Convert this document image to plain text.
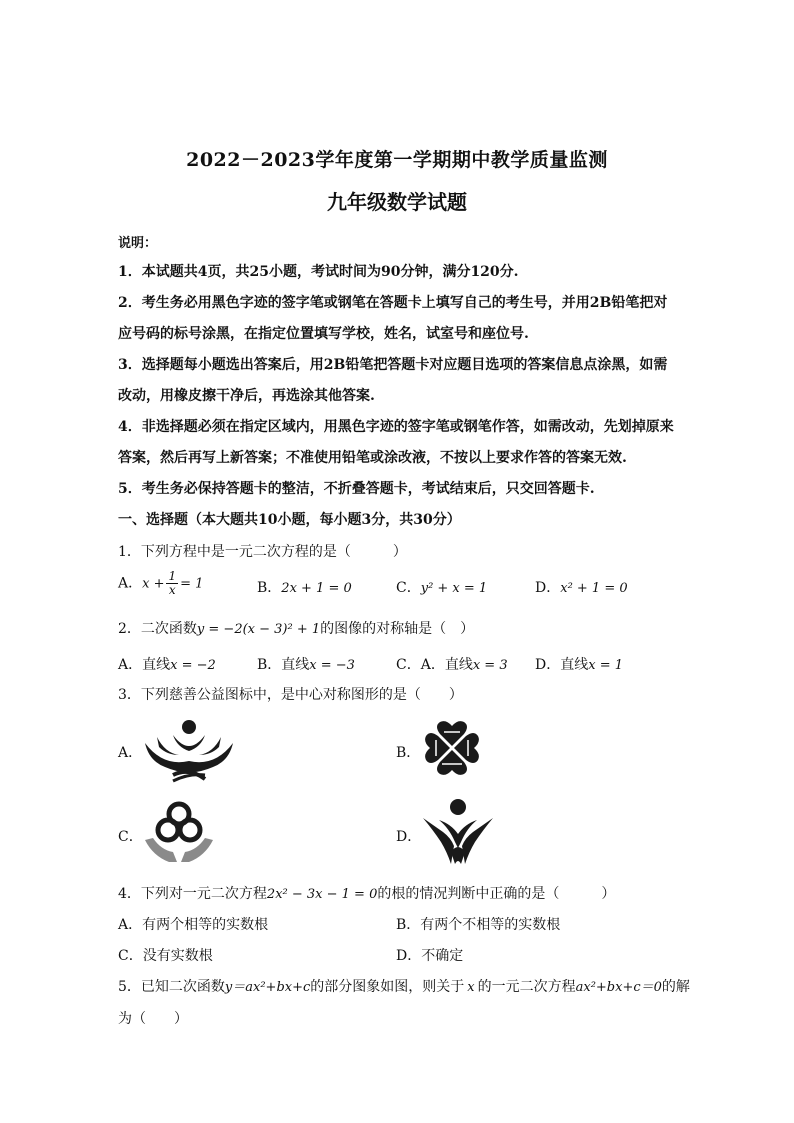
2022－2023学年度第一学期期中教学质量监测
九年级数学试题
说明：
1．本试题共4页，共25小题，考试时间为90分钟，满分120分.
2．考生务必用黑色字迹的签字笔或钢笔在答题卡上填写自己的考生号，并用2B铅笔把对
应号码的标号涂黑，在指定位置填写学校，姓名，试室号和座位号.
3．选择题每小题选出答案后，用2B铅笔把答题卡对应题目选项的答案信息点涂黑，如需
改动，用橡皮擦干净后，再选涂其他答案.
4．非选择题必须在指定区域内，用黑色字迹的签字笔或钢笔作答，如需改动，先划掉原来
答案，然后再写上新答案；不准使用铅笔或涂改液，不按以上要求作答的答案无效.
5．考生务必保持答题卡的整洁，不折叠答题卡，考试结束后，只交回答题卡.
一、选择题（本大题共10小题，每小题3分，共30分）
1．下列方程中是一元二次方程的是（　　　）
A．$x + \frac{1}{x} = 1$	B．2x + 1 = 0	C．y² + x = 1	D．x² + 1 = 0
2．二次函数y = −2(x − 3)² + 1的图像的对称轴是（　）
A．直线x = −2	B．直线x = −3	C．A．直线x = 3 D．直线x = 1
3．下列慈善公益图标中，是中心对称图形的是（　　）
A．	B．
C．	D．
4．下列对一元二次方程2x² − 3x − 1 = 0的根的情况判断中正确的是（　　　）
A．有两个相等的实数根	B．有两个不相等的实数根
C．没有实数根	D．不确定
5．已知二次函数y＝ax²+bx+c的部分图象如图，则关于 x 的一元二次方程ax²+bx+c＝0的解
为（　　）
